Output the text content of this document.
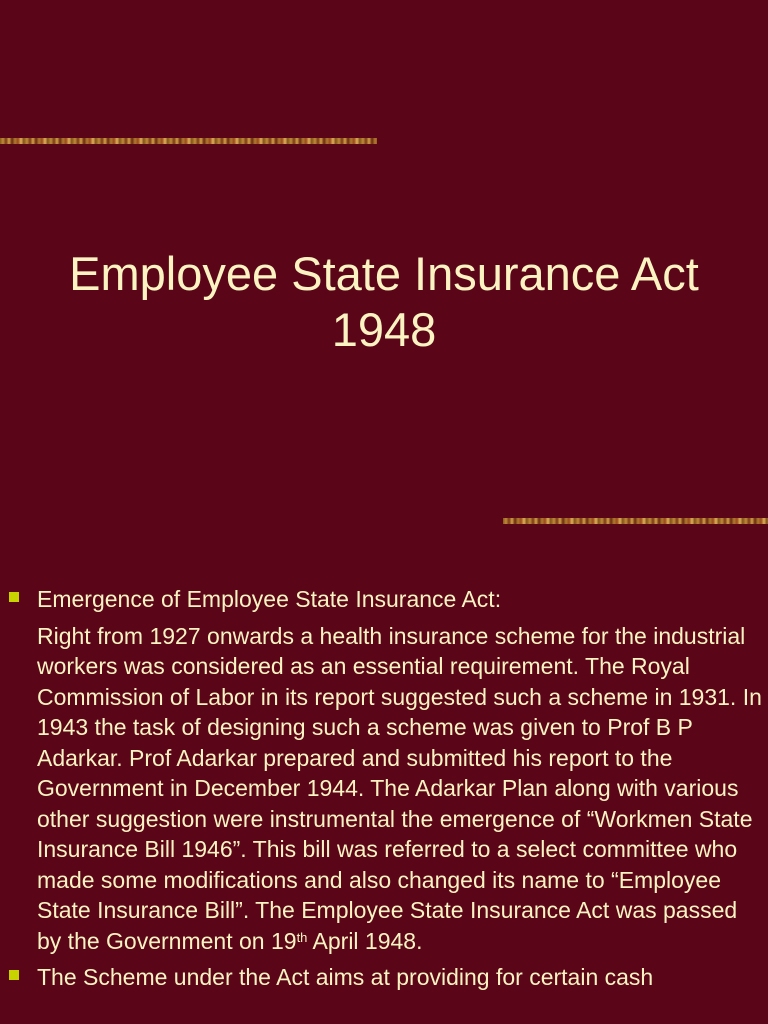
Employee State Insurance Act
1948
Emergence of Employee State Insurance Act:
Right from 1927 onwards a health insurance scheme for the industrial workers was considered as an essential requirement. The Royal Commission of Labor in its report suggested such a scheme in 1931. In 1943 the task of designing such a scheme was given to Prof B P Adarkar. Prof Adarkar prepared and submitted his report to the Government in December 1944. The Adarkar Plan along with various other suggestion were instrumental the emergence of “Workmen State Insurance Bill 1946”. This bill was referred to a select committee who made some modifications and also changed its name to “Employee State Insurance Bill”. The Employee State Insurance Act was passed by the Government on 19th April 1948.
The Scheme under the Act aims at providing for certain cash
